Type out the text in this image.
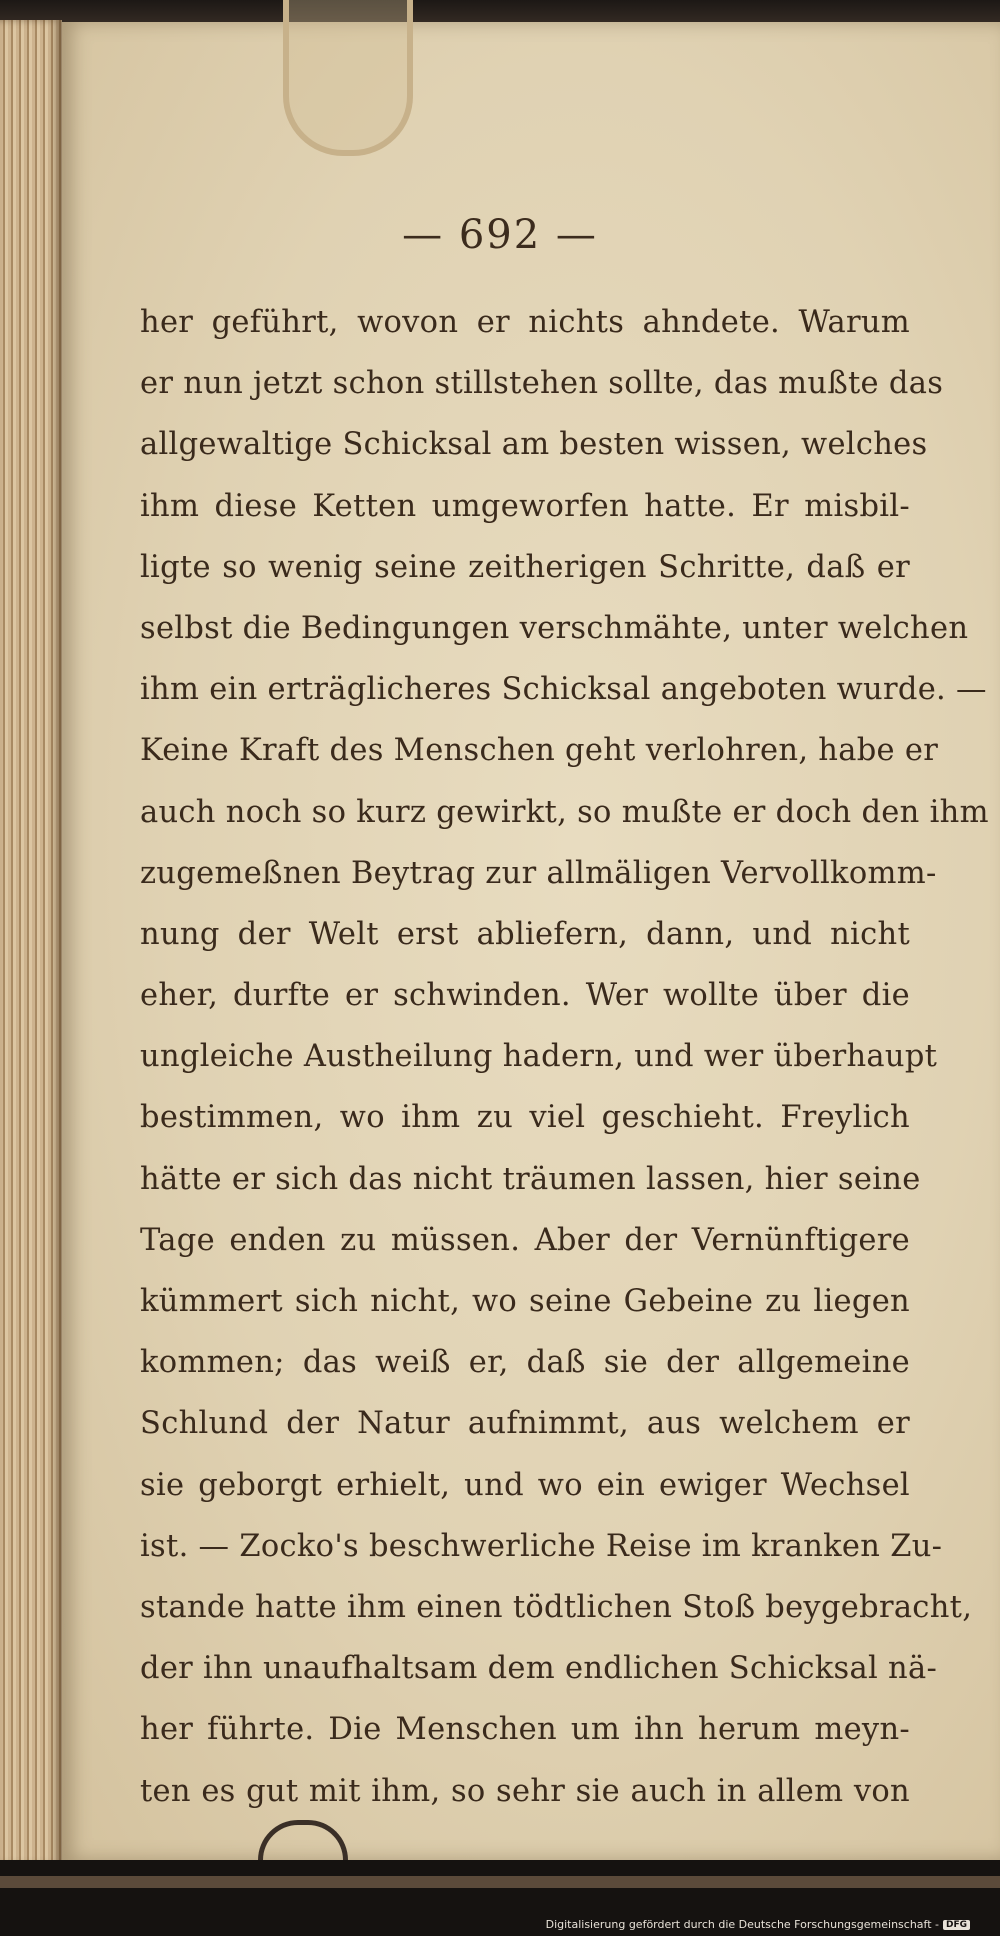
— 692 —
her geführt, wovon er nichts ahndete. Warum
er nun jetzt schon stillstehen sollte, das mußte das
allgewaltige Schicksal am besten wissen, welches
ihm diese Ketten umgeworfen hatte. Er misbil-
ligte so wenig seine zeitherigen Schritte, daß er
selbst die Bedingungen verschmähte, unter welchen
ihm ein erträglicheres Schicksal angeboten wurde. —
Keine Kraft des Menschen geht verlohren, habe er
auch noch so kurz gewirkt, so mußte er doch den ihm
zugemeßnen Beytrag zur allmäligen Vervollkomm-
nung der Welt erst abliefern, dann, und nicht
eher, durfte er schwinden. Wer wollte über die
ungleiche Austheilung hadern, und wer überhaupt
bestimmen, wo ihm zu viel geschieht. Freylich
hätte er sich das nicht träumen lassen, hier seine
Tage enden zu müssen. Aber der Vernünftigere
kümmert sich nicht, wo seine Gebeine zu liegen
kommen; das weiß er, daß sie der allgemeine
Schlund der Natur aufnimmt, aus welchem er
sie geborgt erhielt, und wo ein ewiger Wechsel
ist. — Zocko's beschwerliche Reise im kranken Zu-
stande hatte ihm einen tödtlichen Stoß beygebracht,
der ihn unaufhaltsam dem endlichen Schicksal nä-
her führte. Die Menschen um ihn herum meyn-
ten es gut mit ihm, so sehr sie auch in allem von
Digitalisierung gefördert durch die Deutsche Forschungsgemeinschaft - DFG
